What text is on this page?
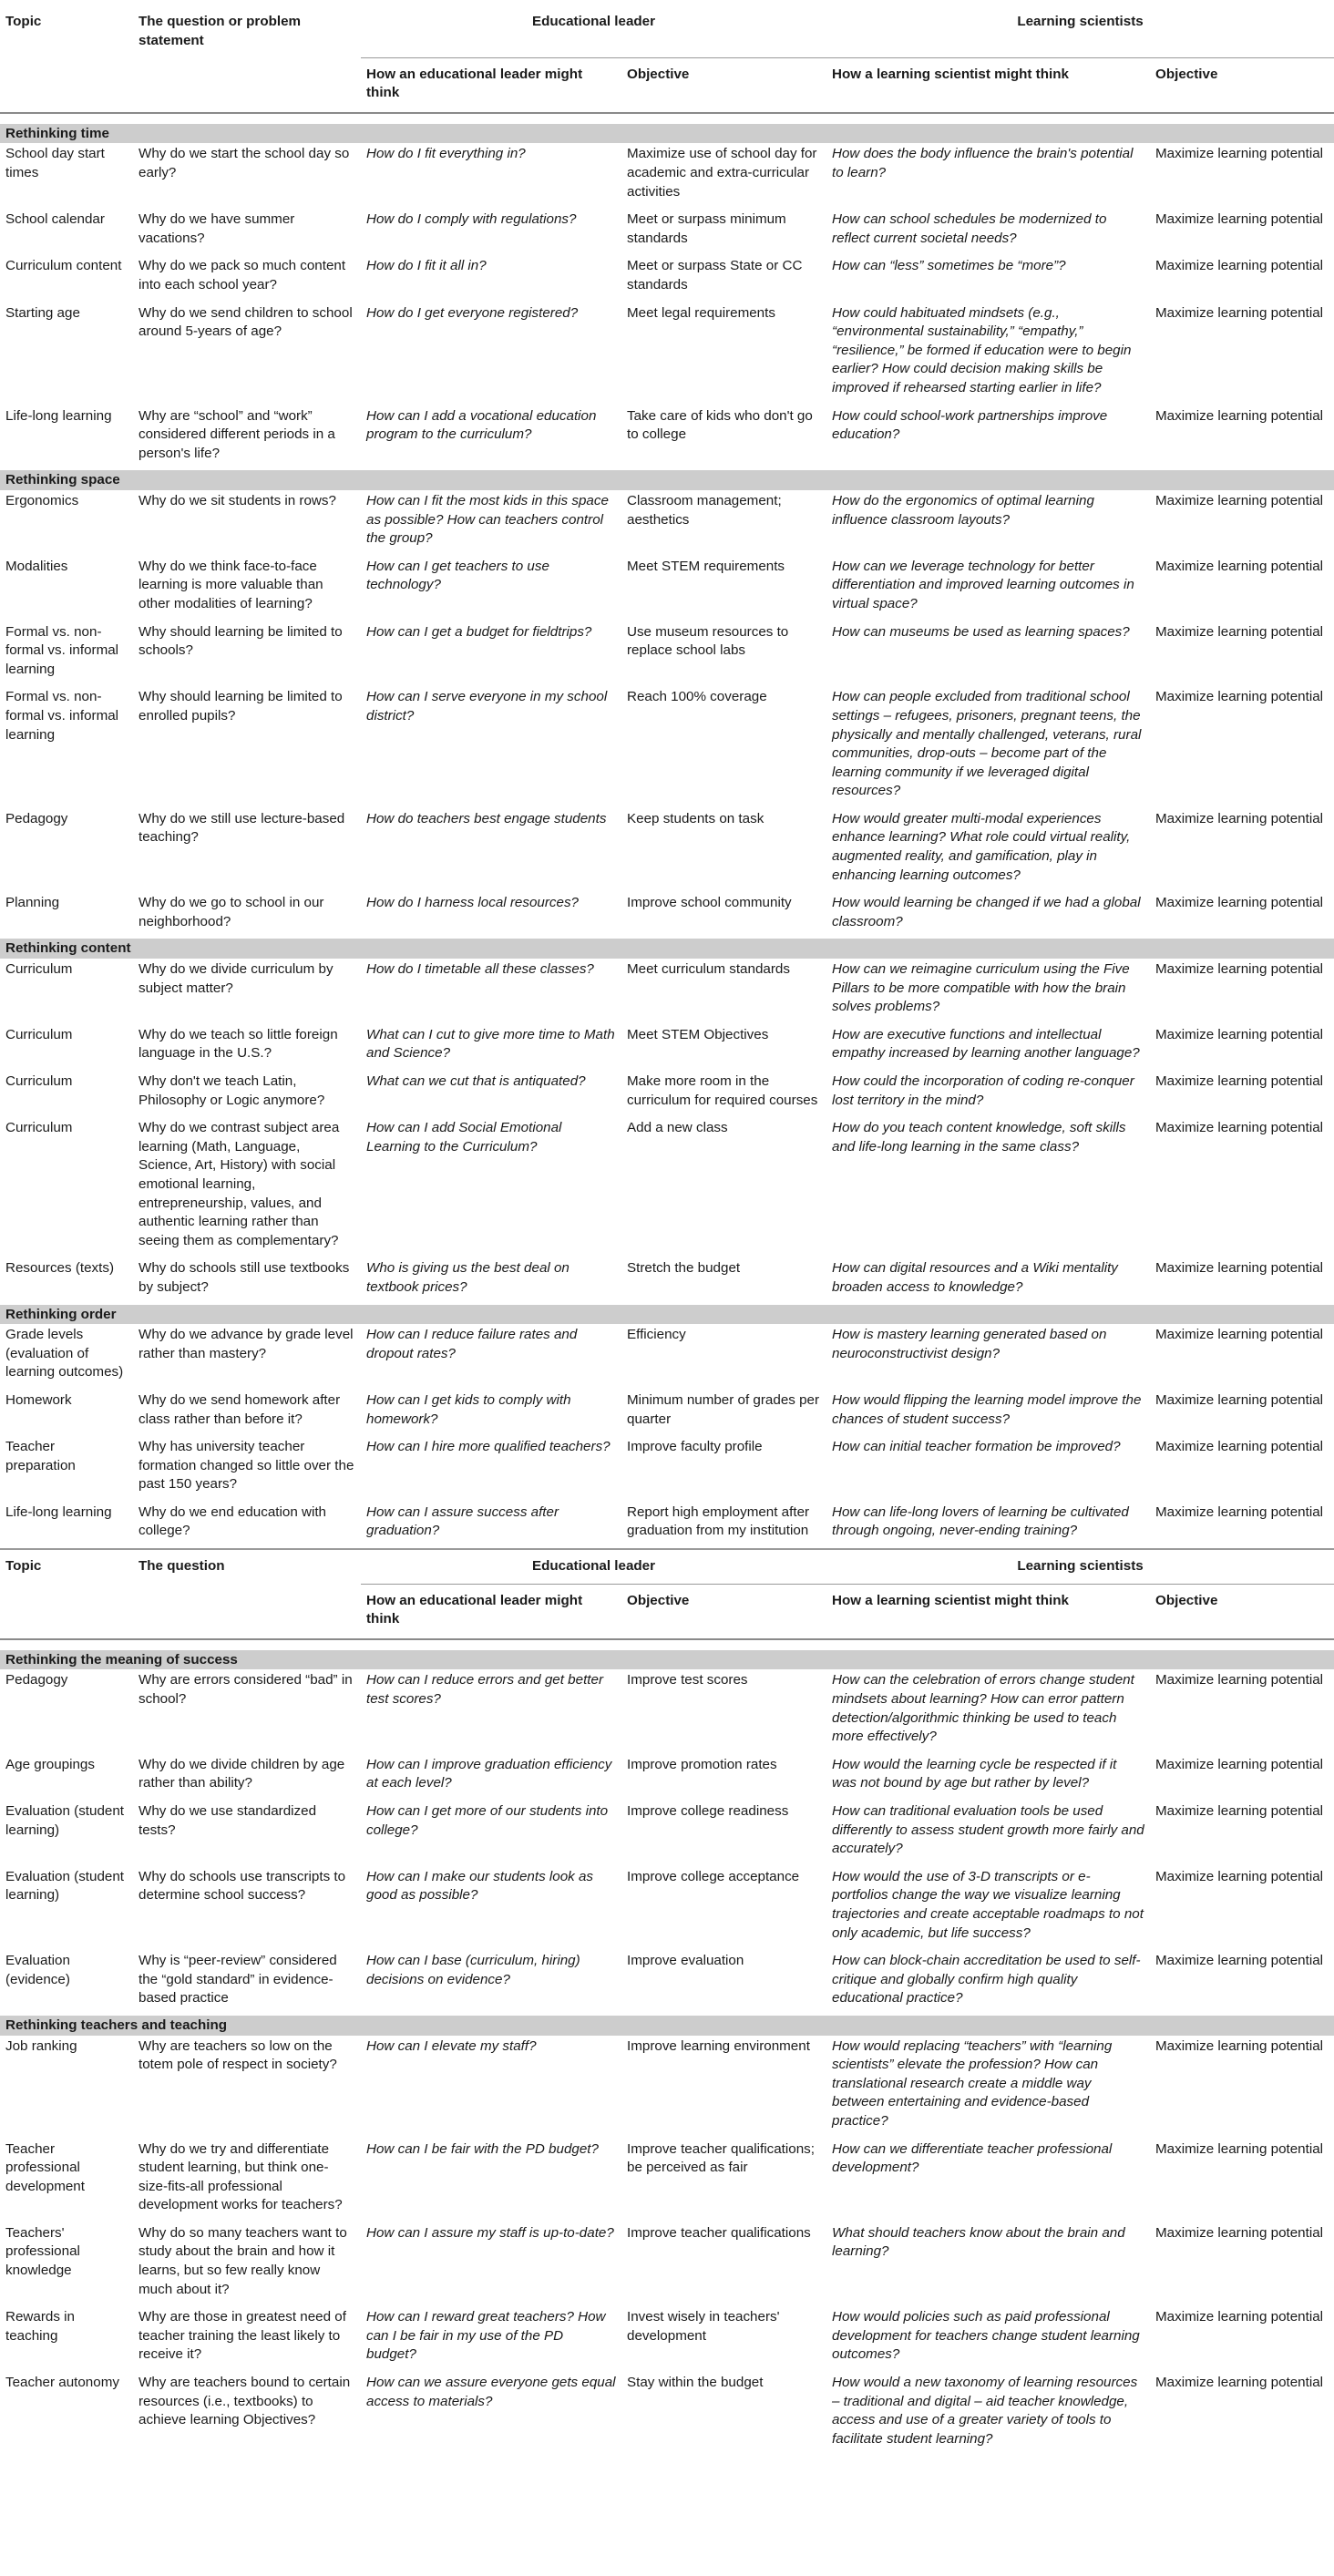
Topic	The question or problem statement	Educational leader		Learning scientists	
		How an educational leader might think	Objective	How a learning scientist might think	Objective

Rethinking time					
School day start times	Why do we start the school day so early?	How do I fit everything in?	Maximize use of school day for academic and extra-curricular activities	How does the body influence the brain's potential to learn?	Maximize learning potential
School calendar	Why do we have summer vacations?	How do I comply with regulations?	Meet or surpass minimum standards	How can school schedules be modernized to reflect current societal needs?	Maximize learning potential
Curriculum content	Why do we pack so much content into each school year?	How do I fit it all in?	Meet or surpass State or CC standards	How can “less” sometimes be “more”?	Maximize learning potential
Starting age	Why do we send children to school around 5-years of age?	How do I get everyone registered?	Meet legal requirements	How could habituated mindsets (e.g., “environmental sustainability,” “empathy,” “resilience,” be formed if education were to begin earlier? How could decision making skills be improved if rehearsed starting earlier in life?	Maximize learning potential
Life-long learning	Why are “school” and “work” considered different periods in a person's life?	How can I add a vocational education program to the curriculum?	Take care of kids who don't go to college	How could school-work partnerships improve education?	Maximize learning potential
Rethinking space					
Ergonomics	Why do we sit students in rows?	How can I fit the most kids in this space as possible? How can teachers control the group?	Classroom management; aesthetics	How do the ergonomics of optimal learning influence classroom layouts?	Maximize learning potential
Modalities	Why do we think face-to-face learning is more valuable than other modalities of learning?	How can I get teachers to use technology?	Meet STEM requirements	How can we leverage technology for better differentiation and improved learning outcomes in virtual space?	Maximize learning potential
Formal vs. non-formal vs. informal learning	Why should learning be limited to schools?	How can I get a budget for fieldtrips?	Use museum resources to replace school labs	How can museums be used as learning spaces?	Maximize learning potential
Formal vs. non-formal vs. informal learning	Why should learning be limited to enrolled pupils?	How can I serve everyone in my school district?	Reach 100% coverage	How can people excluded from traditional school settings – refugees, prisoners, pregnant teens, the physically and mentally challenged, veterans, rural communities, drop-outs – become part of the learning community if we leveraged digital resources?	Maximize learning potential
Pedagogy	Why do we still use lecture-based teaching?	How do teachers best engage students	Keep students on task	How would greater multi-modal experiences enhance learning? What role could virtual reality, augmented reality, and gamification, play in enhancing learning outcomes?	Maximize learning potential
Planning	Why do we go to school in our neighborhood?	How do I harness local resources?	Improve school community	How would learning be changed if we had a global classroom?	Maximize learning potential
Rethinking content					
Curriculum	Why do we divide curriculum by subject matter?	How do I timetable all these classes?	Meet curriculum standards	How can we reimagine curriculum using the Five Pillars to be more compatible with how the brain solves problems?	Maximize learning potential
Curriculum	Why do we teach so little foreign language in the U.S.?	What can I cut to give more time to Math and Science?	Meet STEM Objectives	How are executive functions and intellectual empathy increased by learning another language?	Maximize learning potential
Curriculum	Why don't we teach Latin, Philosophy or Logic anymore?	What can we cut that is antiquated?	Make more room in the curriculum for required courses	How could the incorporation of coding re-conquer lost territory in the mind?	Maximize learning potential
Curriculum	Why do we contrast subject area learning (Math, Language, Science, Art, History) with social emotional learning, entrepreneurship, values, and authentic learning rather than seeing them as complementary?	How can I add Social Emotional Learning to the Curriculum?	Add a new class	How do you teach content knowledge, soft skills and life-long learning in the same class?	Maximize learning potential
Resources (texts)	Why do schools still use textbooks by subject?	Who is giving us the best deal on textbook prices?	Stretch the budget	How can digital resources and a Wiki mentality broaden access to knowledge?	Maximize learning potential
Rethinking order					
Grade levels (evaluation of learning outcomes)	Why do we advance by grade level rather than mastery?	How can I reduce failure rates and dropout rates?	Efficiency	How is mastery learning generated based on neuroconstructivist design?	Maximize learning potential
Homework	Why do we send homework after class rather than before it?	How can I get kids to comply with homework?	Minimum number of grades per quarter	How would flipping the learning model improve the chances of student success?	Maximize learning potential
Teacher preparation	Why has university teacher formation changed so little over the past 150 years?	How can I hire more qualified teachers?	Improve faculty profile	How can initial teacher formation be improved?	Maximize learning potential
Life-long learning	Why do we end education with college?	How can I assure success after graduation?	Report high employment after graduation from my institution	How can life-long lovers of learning be cultivated through ongoing, never-ending training?	Maximize learning potential

Topic	The question	Educational leader		Learning scientists	
		How an educational leader might think	Objective	How a learning scientist might think	Objective

Rethinking the meaning of success					
Pedagogy	Why are errors considered “bad” in school?	How can I reduce errors and get better test scores?	Improve test scores	How can the celebration of errors change student mindsets about learning? How can error pattern detection/algorithmic thinking be used to teach more effectively?	Maximize learning potential
Age groupings	Why do we divide children by age rather than ability?	How can I improve graduation efficiency at each level?	Improve promotion rates	How would the learning cycle be respected if it was not bound by age but rather by level?	Maximize learning potential
Evaluation (student learning)	Why do we use standardized tests?	How can I get more of our students into college?	Improve college readiness	How can traditional evaluation tools be used differently to assess student growth more fairly and accurately?	Maximize learning potential
Evaluation (student learning)	Why do schools use transcripts to determine school success?	How can I make our students look as good as possible?	Improve college acceptance	How would the use of 3-D transcripts or e-portfolios change the way we visualize learning trajectories and create acceptable roadmaps to not only academic, but life success?	Maximize learning potential
Evaluation (evidence)	Why is “peer-review” considered the “gold standard” in evidence-based practice	How can I base (curriculum, hiring) decisions on evidence?	Improve evaluation	How can block-chain accreditation be used to self-critique and globally confirm high quality educational practice?	Maximize learning potential
Rethinking teachers and teaching					
Job ranking	Why are teachers so low on the totem pole of respect in society?	How can I elevate my staff?	Improve learning environment	How would replacing “teachers” with “learning scientists” elevate the profession? How can translational research create a middle way between entertaining and evidence-based practice?	Maximize learning potential
Teacher professional development	Why do we try and differentiate student learning, but think one-size-fits-all professional development works for teachers?	How can I be fair with the PD budget?	Improve teacher qualifications; be perceived as fair	How can we differentiate teacher professional development?	Maximize learning potential
Teachers' professional knowledge	Why do so many teachers want to study about the brain and how it learns, but so few really know much about it?	How can I assure my staff is up-to-date?	Improve teacher qualifications	What should teachers know about the brain and learning?	Maximize learning potential
Rewards in teaching	Why are those in greatest need of teacher training the least likely to receive it?	How can I reward great teachers? How can I be fair in my use of the PD budget?	Invest wisely in teachers' development	How would policies such as paid professional development for teachers change student learning outcomes?	Maximize learning potential
Teacher autonomy	Why are teachers bound to certain resources (i.e., textbooks) to achieve learning Objectives?	How can we assure everyone gets equal access to materials?	Stay within the budget	How would a new taxonomy of learning resources – traditional and digital – aid teacher knowledge, access and use of a greater variety of tools to facilitate student learning?	Maximize learning potential
